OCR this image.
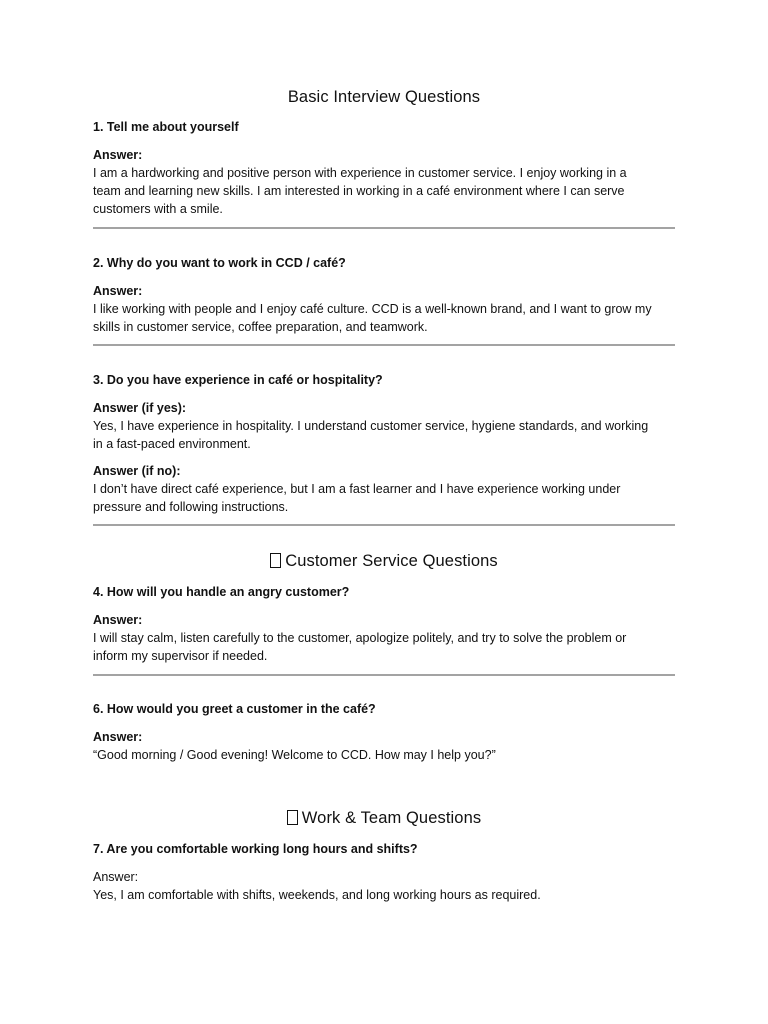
Basic Interview Questions

1. Tell me about yourself

Answer:

I am a hardworking and positive person with experience in customer service. I enjoy working in a

team and learning new skills. I am interested in working in a café environment where I can serve

customers with a smile.

2. Why do you want to work in CCD / café?

Answer:

I like working with people and I enjoy café culture. CCD is a well-known brand, and I want to grow my

skills in customer service, coffee preparation, and teamwork.

3. Do you have experience in café or hospitality?

Answer (if yes):

Yes, I have experience in hospitality. I understand customer service, hygiene standards, and working

in a fast-paced environment.

Answer (if no):

I don’t have direct café experience, but I am a fast learner and I have experience working under

pressure and following instructions.

Customer Service Questions

4. How will you handle an angry customer?

Answer:

I will stay calm, listen carefully to the customer, apologize politely, and try to solve the problem or

inform my supervisor if needed.

6. How would you greet a customer in the café?

Answer:

“Good morning / Good evening! Welcome to CCD. How may I help you?”

Work & Team Questions

7. Are you comfortable working long hours and shifts?

Answer:

Yes, I am comfortable with shifts, weekends, and long working hours as required.
